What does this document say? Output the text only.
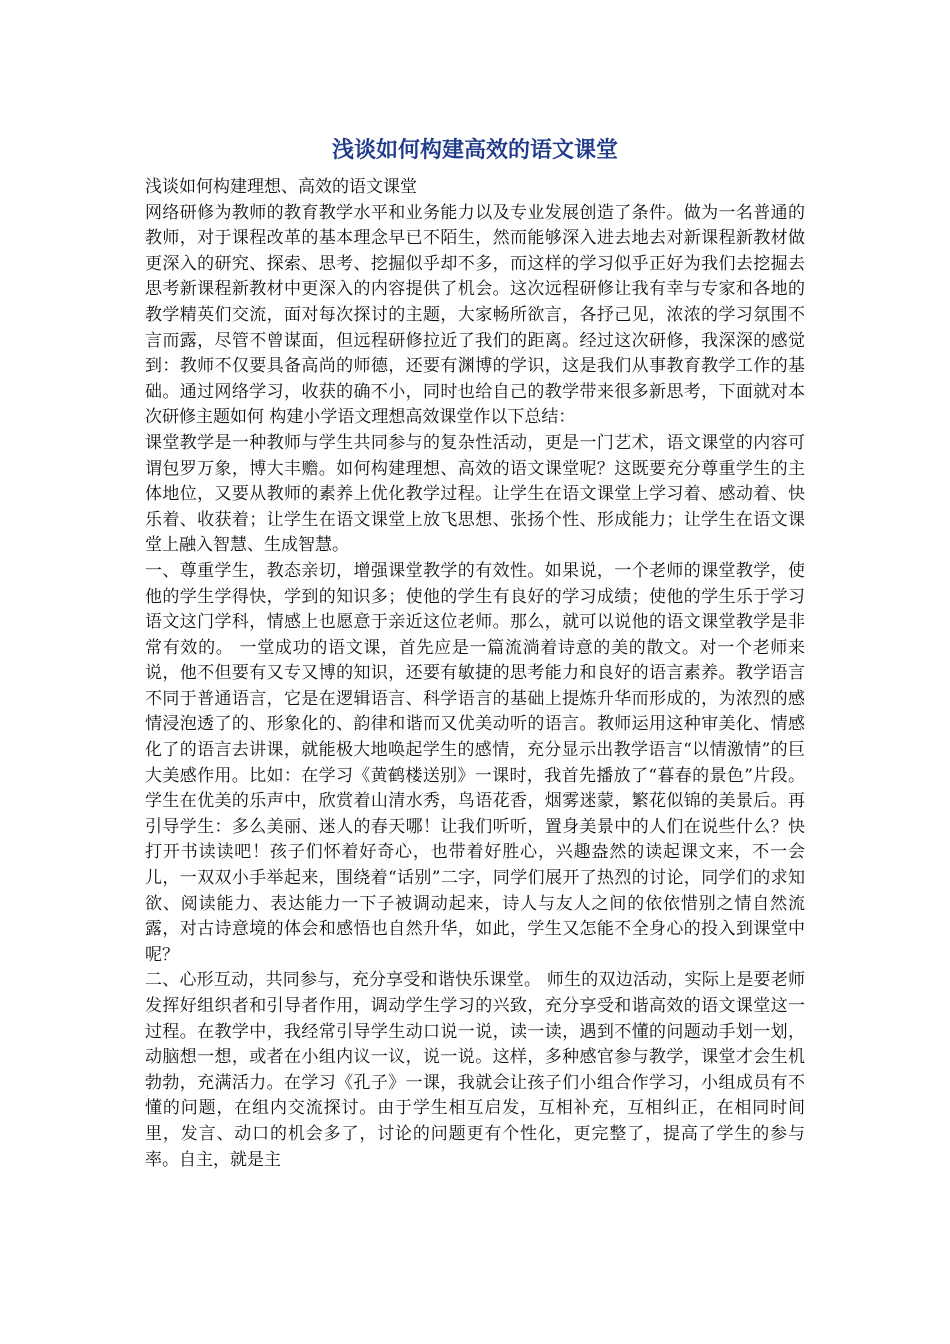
浅谈如何构建高效的语文课堂

浅谈如何构建理想、高效的语文课堂

网络研修为教师的教育教学水平和业务能力以及专业发展创造了条件。做为一名普通的教师，对于课程改革的基本理念早已不陌生，然而能够深入进去地去对新课程新教材做更深入的研究、探索、思考、挖掘似乎却不多，而这样的学习似乎正好为我们去挖掘去思考新课程新教材中更深入的内容提供了机会。这次远程研修让我有幸与专家和各地的教学精英们交流，面对每次探讨的主题，大家畅所欲言，各抒己见，浓浓的学习氛围不言而露，尽管不曾谋面，但远程研修拉近了我们的距离。经过这次研修，我深深的感觉到：教师不仅要具备高尚的师德，还要有渊博的学识，这是我们从事教育教学工作的基础。通过网络学习，收获的确不小，同时也给自己的教学带来很多新思考，下面就对本次研修主题如何 构建小学语文理想高效课堂作以下总结：

课堂教学是一种教师与学生共同参与的复杂性活动，更是一门艺术，语文课堂的内容可谓包罗万象，博大丰赡。如何构建理想、高效的语文课堂呢？这既要充分尊重学生的主体地位，又要从教师的素养上优化教学过程。让学生在语文课堂上学习着、感动着、快乐着、收获着；让学生在语文课堂上放飞思想、张扬个性、形成能力；让学生在语文课堂上融入智慧、生成智慧。

一、尊重学生，教态亲切，增强课堂教学的有效性。如果说，一个老师的课堂教学，使他的学生学得快，学到的知识多；使他的学生有良好的学习成绩；使他的学生乐于学习语文这门学科，情感上也愿意于亲近这位老师。那么，就可以说他的语文课堂教学是非常有效的。 一堂成功的语文课，首先应是一篇流淌着诗意的美的散文。对一个老师来说，他不但要有又专又博的知识，还要有敏捷的思考能力和良好的语言素养。教学语言不同于普通语言，它是在逻辑语言、科学语言的基础上提炼升华而形成的，为浓烈的感情浸泡透了的、形象化的、韵律和谐而又优美动听的语言。教师运用这种审美化、情感化了的语言去讲课，就能极大地唤起学生的感情，充分显示出教学语言“以情激情”的巨大美感作用。比如：在学习《黄鹤楼送别》一课时，我首先播放了“暮春的景色”片段。学生在优美的乐声中，欣赏着山清水秀，鸟语花香，烟雾迷蒙，繁花似锦的美景后。再引导学生：多么美丽、迷人的春天哪！让我们听听，置身美景中的人们在说些什么？快打开书读读吧！孩子们怀着好奇心，也带着好胜心，兴趣盎然的读起课文来，不一会儿，一双双小手举起来，围绕着“话别”二字，同学们展开了热烈的讨论，同学们的求知欲、阅读能力、表达能力一下子被调动起来，诗人与友人之间的依依惜别之情自然流露，对古诗意境的体会和感悟也自然升华，如此，学生又怎能不全身心的投入到课堂中呢？

二、心形互动，共同参与，充分享受和谐快乐课堂。 师生的双边活动，实际上是要老师发挥好组织者和引导者作用，调动学生学习的兴致，充分享受和谐高效的语文课堂这一过程。在教学中，我经常引导学生动口说一说，读一读，遇到不懂的问题动手划一划，动脑想一想，或者在小组内议一议，说一说。这样，多种感官参与教学，课堂才会生机勃勃，充满活力。在学习《孔子》一课，我就会让孩子们小组合作学习，小组成员有不懂的问题，在组内交流探讨。由于学生相互启发，互相补充，互相纠正，在相同时间里，发言、动口的机会多了，讨论的问题更有个性化，更完整了，提高了学生的参与率。自主，就是主
